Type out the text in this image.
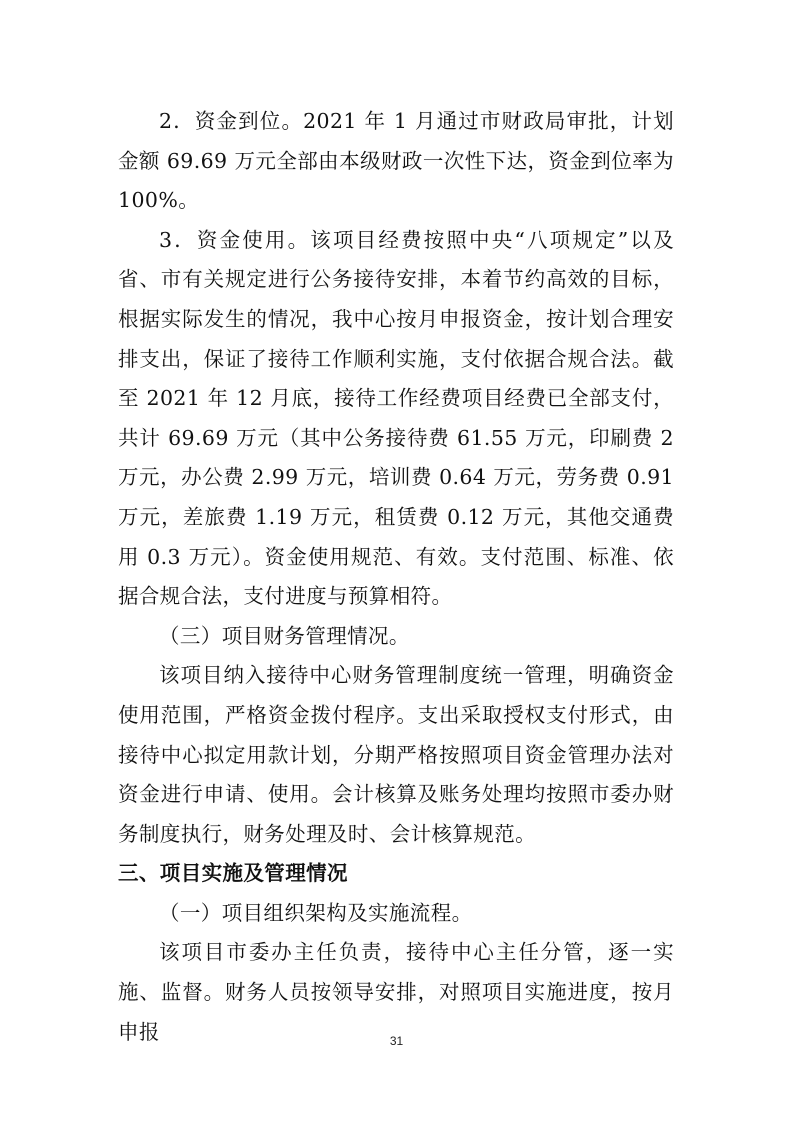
2．资金到位。2021 年 1 月通过市财政局审批，计划金额 69.69 万元全部由本级财政一次性下达，资金到位率为 100%。

3．资金使用。该项目经费按照中央“八项规定”以及省、市有关规定进行公务接待安排，本着节约高效的目标，根据实际发生的情况，我中心按月申报资金，按计划合理安排支出，保证了接待工作顺利实施，支付依据合规合法。截至 2021 年 12 月底，接待工作经费项目经费已全部支付，共计 69.69 万元（其中公务接待费 61.55 万元，印刷费 2 万元，办公费 2.99 万元，培训费 0.64 万元，劳务费 0.91 万元，差旅费 1.19 万元，租赁费 0.12 万元，其他交通费用 0.3 万元）。资金使用规范、有效。支付范围、标准、依据合规合法，支付进度与预算相符。

（三）项目财务管理情况。

该项目纳入接待中心财务管理制度统一管理，明确资金使用范围，严格资金拨付程序。支出采取授权支付形式，由接待中心拟定用款计划，分期严格按照项目资金管理办法对资金进行申请、使用。会计核算及账务处理均按照市委办财务制度执行，财务处理及时、会计核算规范。

三、项目实施及管理情况

（一）项目组织架构及实施流程。

该项目市委办主任负责，接待中心主任分管，逐一实施、监督。财务人员按领导安排，对照项目实施进度，按月申报	31
